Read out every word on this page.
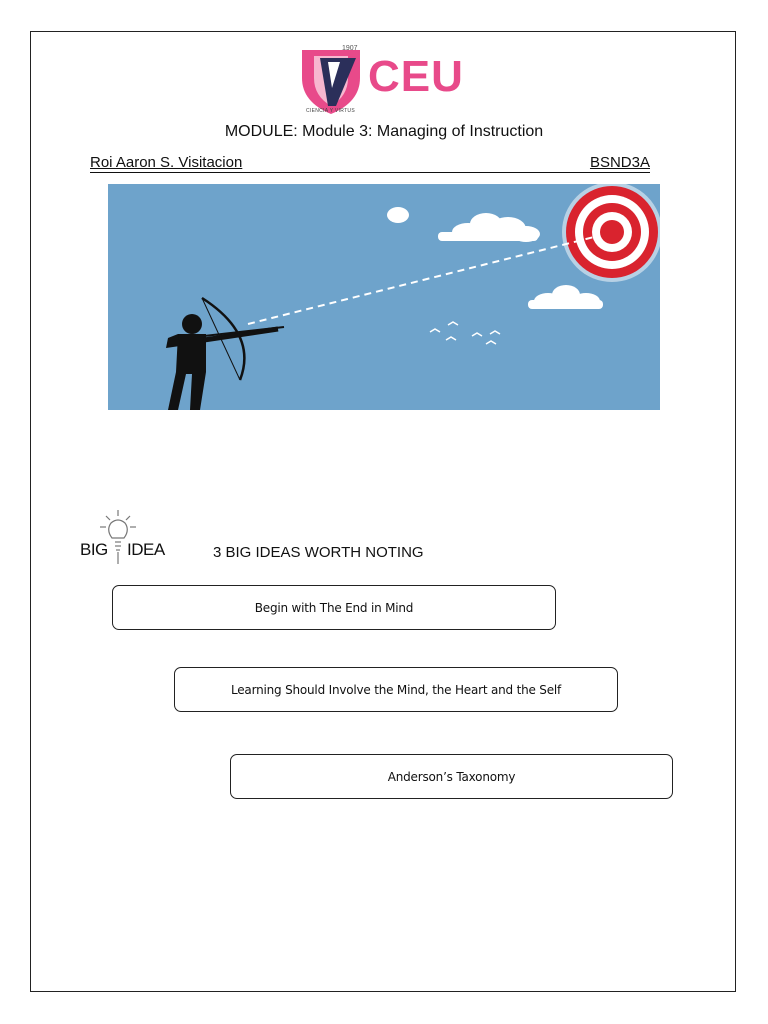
1907
CEU
CIENCIA Y VIRTUS
MODULE: Module 3: Managing of Instruction
Roi Aaron S. Visitacion	BSND3A
BIG IDEA	3 BIG IDEAS WORTH NOTING
Begin with The End in Mind
Learning Should Involve the Mind, the Heart and the Self
Anderson’s Taxonomy
